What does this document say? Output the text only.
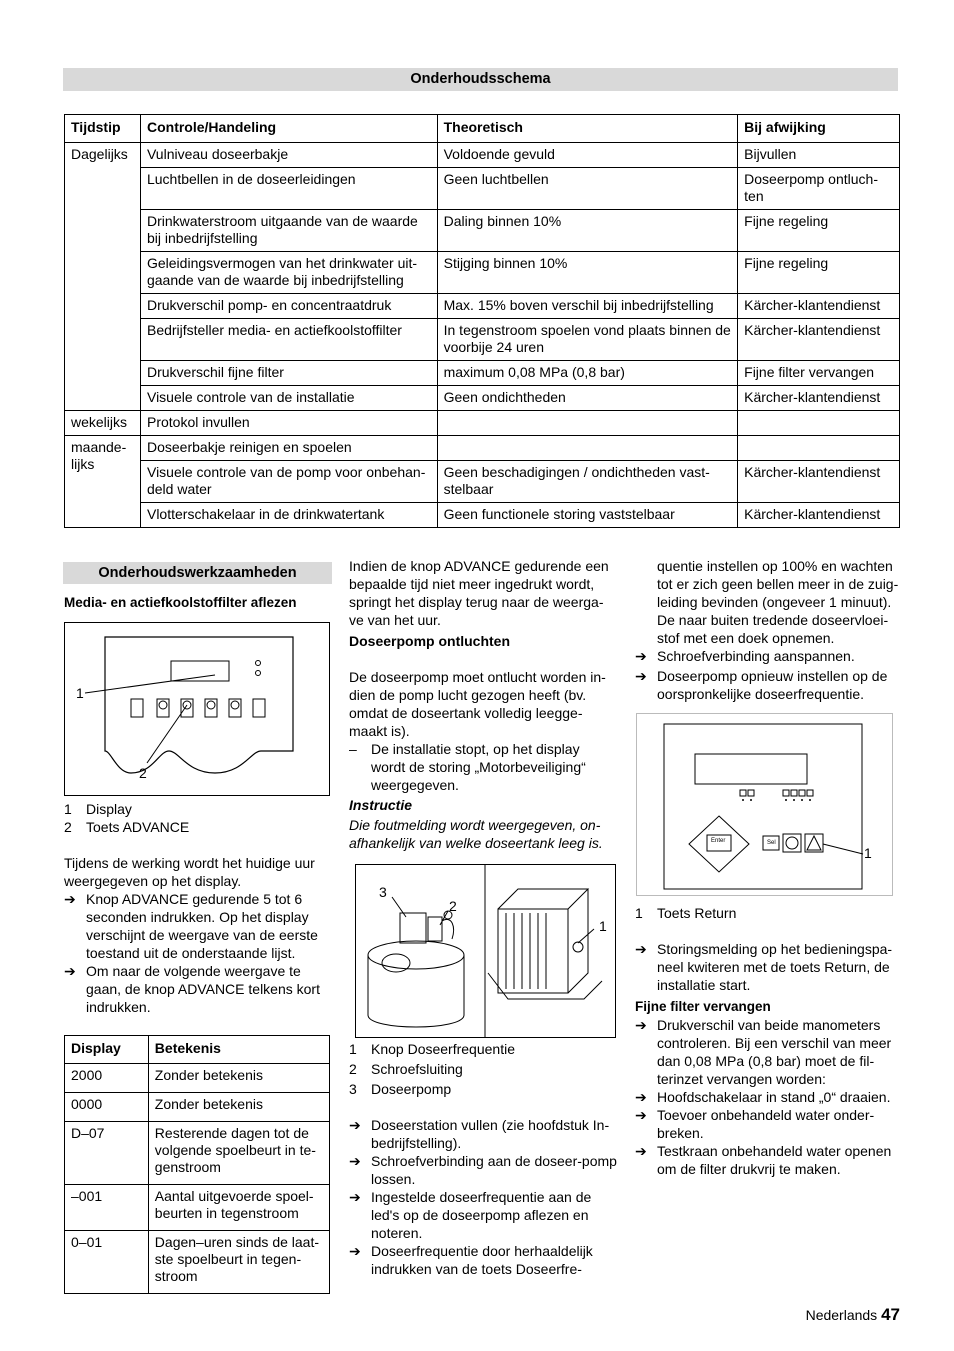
Onderhoudsschema
Tijdstip	Controle/Handeling	Theoretisch	Bij afwijking
Dagelijks	Vulniveau doseerbakje	Voldoende gevuld	Bijvullen
	Luchtbellen in de doseerleidingen	Geen luchtbellen	Doseerpomp ontluch-ten
	Drinkwaterstroom uitgaande van de waarde bij inbedrijfstelling	Daling binnen 10%	Fijne regeling
	Geleidingsvermogen van het drinkwater uit-gaande van de waarde bij inbedrijfstelling	Stijging binnen 10%	Fijne regeling
	Drukverschil pomp- en concentraatdruk	Max. 15% boven verschil bij inbedrijfstelling	Kärcher-klantendienst
	Bedrijfsteller media- en actiefkoolstoffilter	In tegenstroom spoelen vond plaats binnen de voorbije 24 uren	Kärcher-klantendienst
	Drukverschil fijne filter	maximum 0,08 MPa (0,8 bar)	Fijne filter vervangen
	Visuele controle van de installatie	Geen ondichtheden	Kärcher-klantendienst
wekelijks	Protokol invullen		
maande-lijks	Doseerbakje reinigen en spoelen		
	Visuele controle van de pomp voor onbehan-deld water	Geen beschadigingen / ondichtheden vast-stelbaar	Kärcher-klantendienst
	Vlotterschakelaar in de drinkwatertank	Geen functionele storing vaststelbaar	Kärcher-klantendienst
Onderhoudswerkzaamheden
Media- en actiefkoolstoffilter aflezen
1
2

1 Display

2 Toets ADVANCE

Tijdens de werking wordt het huidige uur weergegeven op het display.

➔ Knop ADVANCE gedurende 5 tot 6 seconden indrukken. Op het display verschijnt de weergave van de eerste toestand uit de onderstaande lijst.

➔ Om naar de volgende weergave te gaan, de knop ADVANCE telkens kort indrukken.

Display	Betekenis
2000	Zonder betekenis
0000	Zonder betekenis
D–07	Resterende dagen tot de volgende spoelbeurt in te-genstroom
–001	Aantal uitgevoerde spoel-beurten in tegenstroom
0–01	Dagen–uren sinds de laat-ste spoelbeurt in tegen-stroom

Indien de knop ADVANCE gedurende een bepaalde tijd niet meer ingedrukt wordt, springt het display terug naar de weerga-ve van het uur.

Doseerpomp ontluchten

De doseerpomp moet ontlucht worden in-dien de pomp lucht gezogen heeft (bv. omdat de doseertank volledig leegge-maakt is).

– De installatie stopt, op het display wordt de storing „Motorbeveiliging“ weergegeven.

Instructie

Die foutmelding wordt weergegeven, on-afhankelijk van welke doseertank leeg is.

3
2
1

1 Knop Doseerfrequentie

2 Schroefsluiting

3 Doseerpomp

➔ Doseerstation vullen (zie hoofdstuk In-bedrijfstelling).

➔ Schroefverbinding aan de doseer-pomp lossen.

➔ Ingestelde doseerfrequentie aan de led's op de doseerpomp aflezen en noteren.

➔ Doseerfrequentie door herhaaldelijk indrukken van de toets Doseerfre-

quentie instellen op 100% en wachten tot er zich geen bellen meer in de zuig-leiding bevinden (ongeveer 1 minuut). De naar buiten tredende doseervloei-stof met een doek opnemen.

➔ Schroefverbinding aanspannen.

➔ Doseerpomp opnieuw instellen op de oorspronkelijke doseerfrequentie.

Enter	Sel
1

1 Toets Return

➔ Storingsmelding op het bedieningspa-neel kwiteren met de toets Return, de installatie start.

Fijne filter vervangen

➔ Drukverschil van beide manometers controleren. Bij een verschil van meer dan 0,08 MPa (0,8 bar) moet de fil-terinzet vervangen worden:

➔ Hoofdschakelaar in stand „0“ draaien.

➔ Toevoer onbehandeld water onder-breken.

➔ Testkraan onbehandeld water openen om de filter drukvrij te maken.

Nederlands 47
